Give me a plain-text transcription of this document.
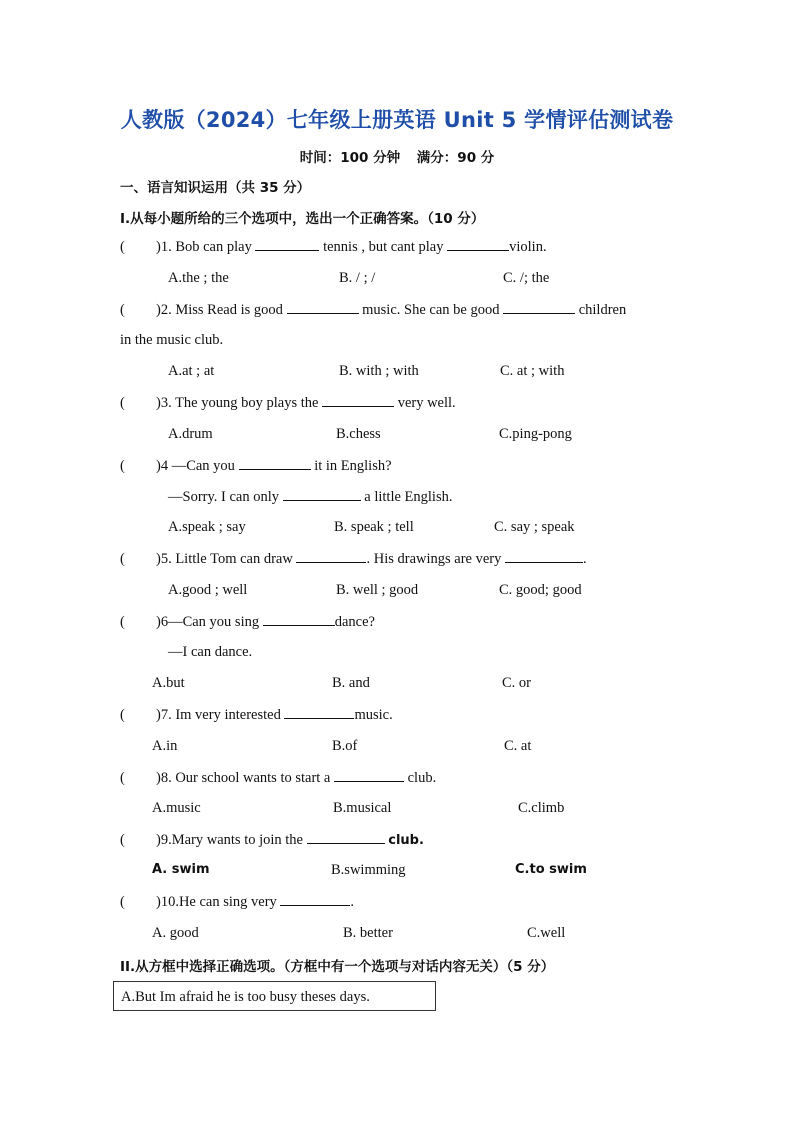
人教版（2024）七年级上册英语 Unit 5 学情评估测试卷
时间：100 分钟 满分：90 分
一、语言知识运用（共 35 分）
I.从每小题所给的三个选项中，选出一个正确答案。（10 分）
( )1. Bob can play	tennis , but cant play	violin.
A.the ; the	B. / ; /	C. /; the
( )2. Miss Read is good	music. She can be good	children
in the music club.
A.at ; at	B. with ; with	C. at ; with
( )3. The young boy plays the	very well.
A.drum	B.chess	C.ping-pong
( )4 —Can you	it in English?
—Sorry. I can only	a little English.
A.speak ; say	B. speak ; tell	C. say ; speak
( )5. Little Tom can draw	. His drawings are very	.
A.good ; well	B. well ; good	C. good; good
( )6—Can you sing	dance?
—I can dance.
A.but	B. and	C. or
( )7. Im very interested	music.
A.in	B.of	C. at
( )8. Our school wants to start a	club.
A.music	B.musical	C.climb
( )9.Mary wants to join the	club.
A. swim	B.swimming	C.to swim
( )10.He can sing very	.
A. good	B. better	C.well
II.从方框中选择正确选项。（方框中有一个选项与对话内容无关）（5 分）
A.But Im afraid he is too busy theses days.
